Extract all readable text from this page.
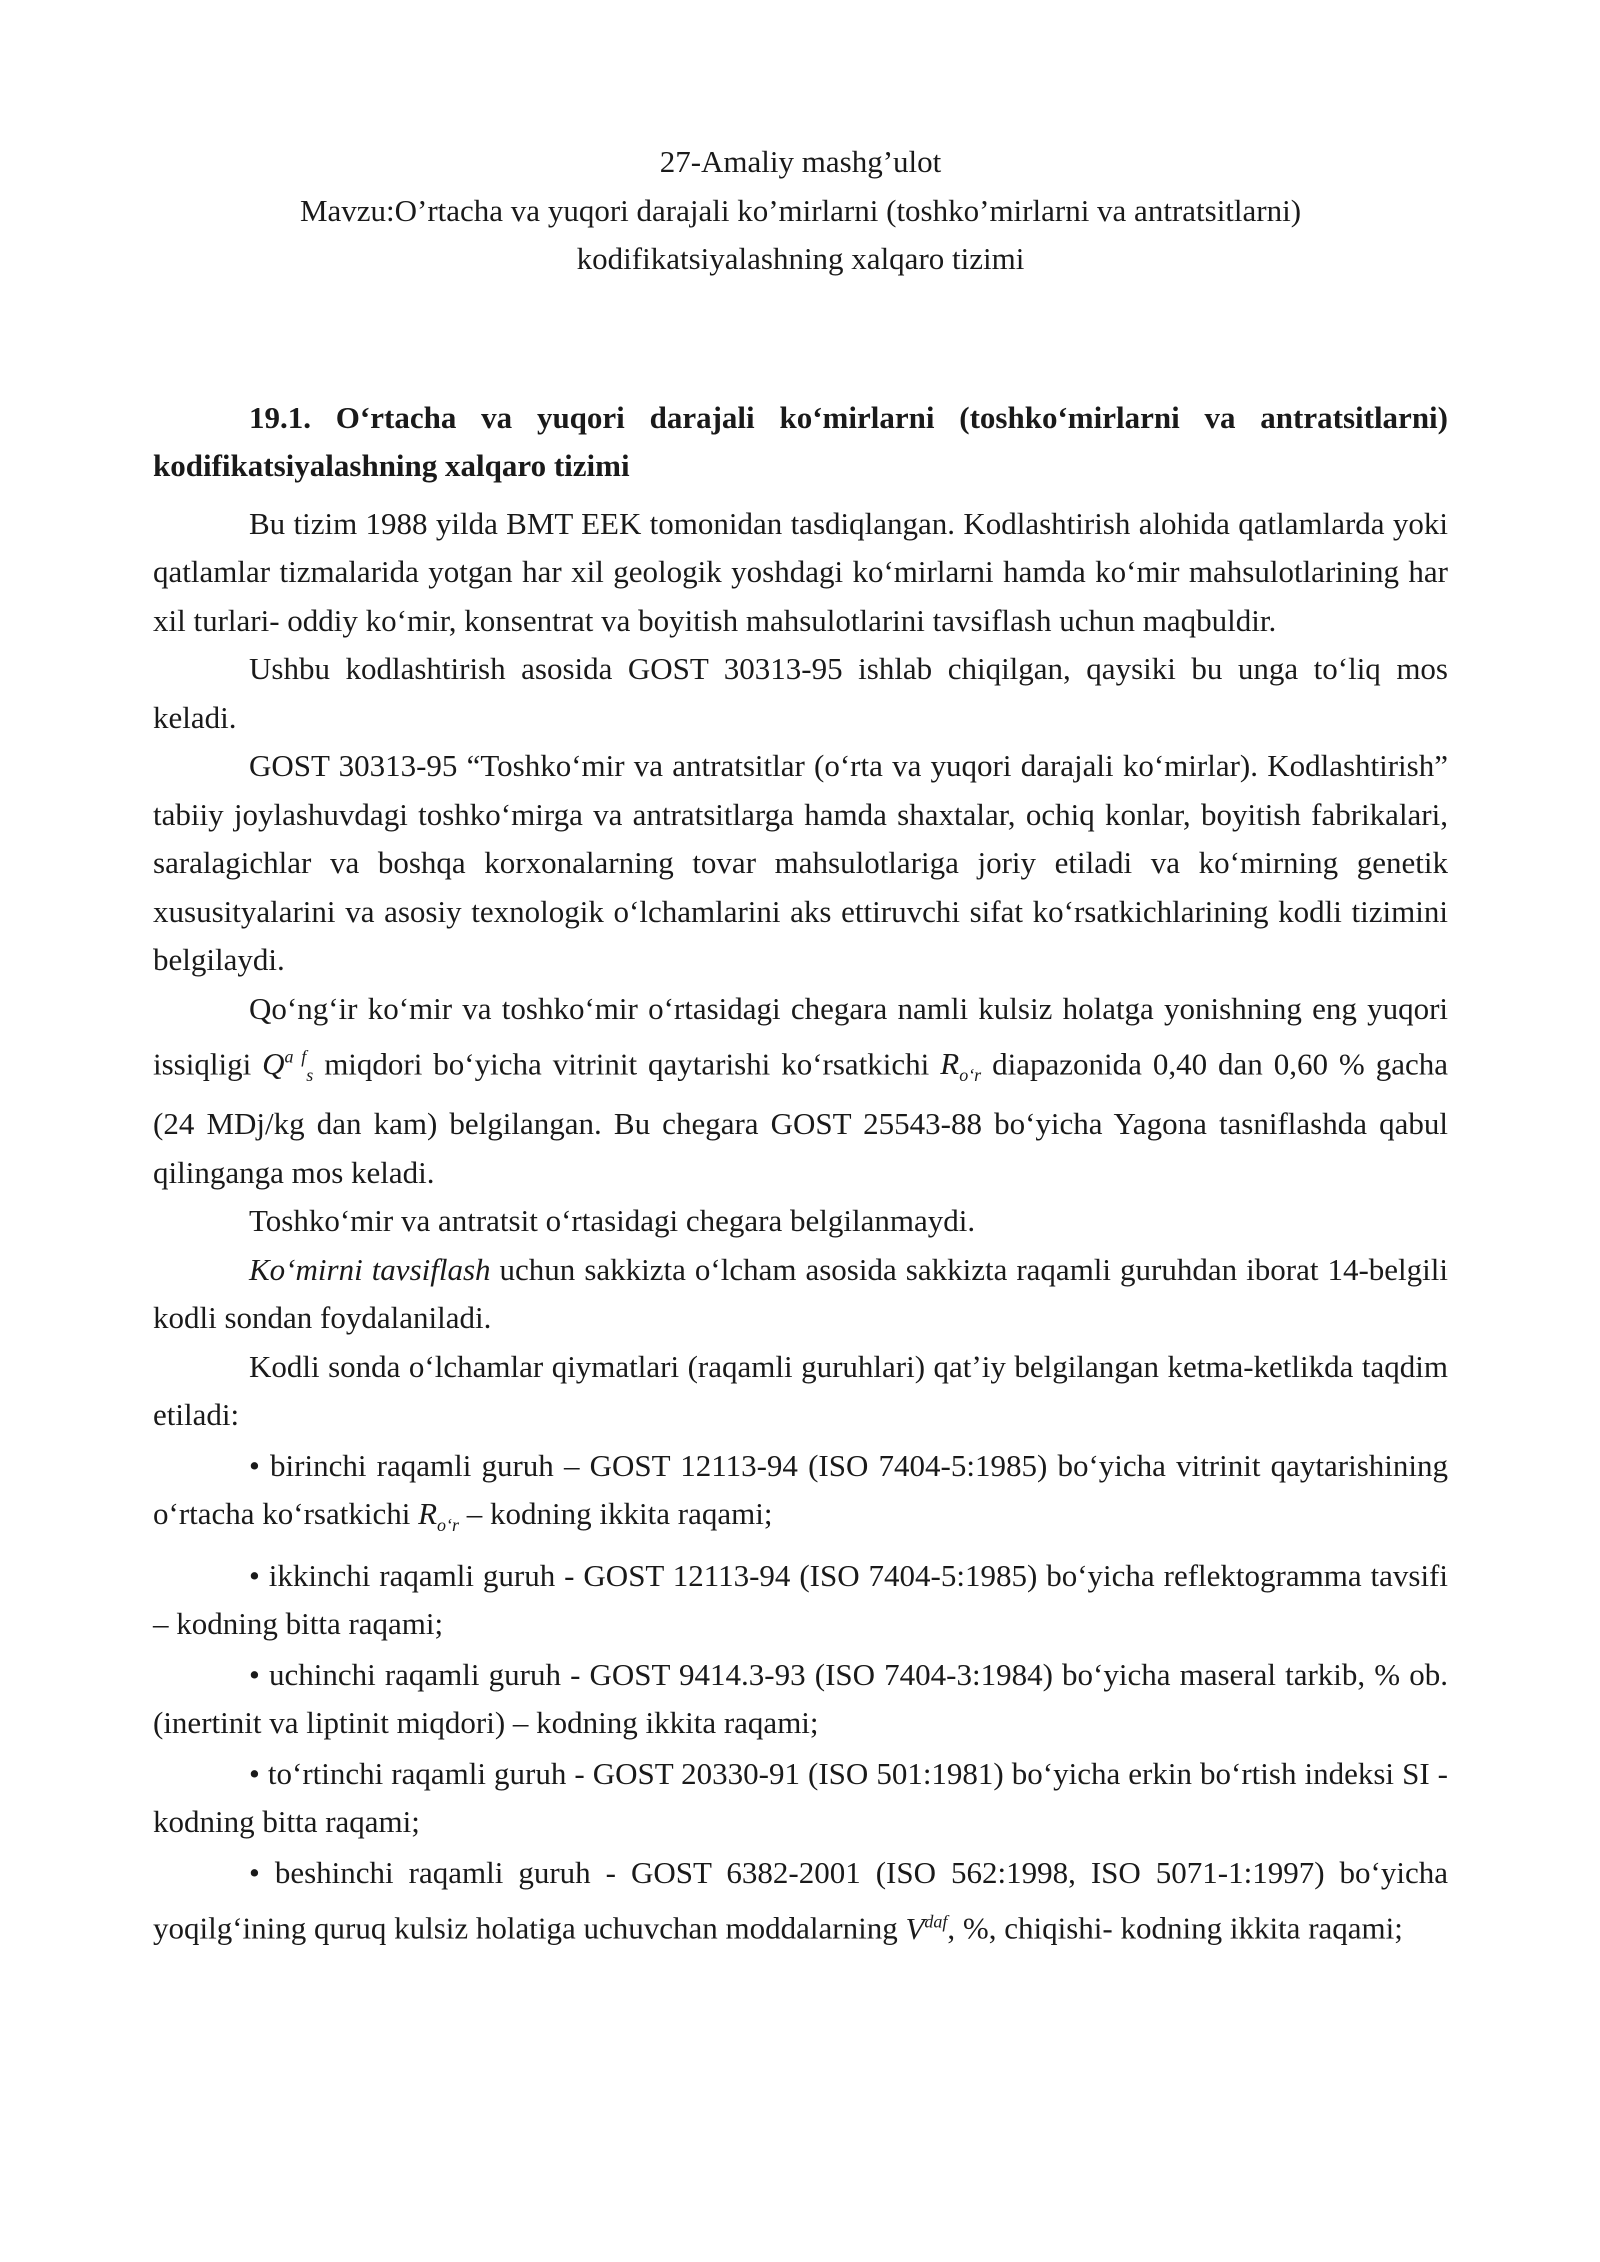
27-Amaliy mashg’ulot

Mavzu:O’rtacha va yuqori darajali ko’mirlarni (toshko’mirlarni va antratsitlarni)

kodifikatsiyalashning xalqaro tizimi

19.1. Oʻrtacha va yuqori darajali koʻmirlarni (toshkoʻmirlarni va antratsitlarni) kodifikatsiyalashning xalqaro tizimi

Bu tizim 1988 yilda BMT EEK tomonidan tasdiqlangan. Kodlashtirish alohida qatlamlarda yoki qatlamlar tizmalarida yotgan har xil geologik yoshdagi koʻmirlarni hamda koʻmir mahsulotlarining har xil turlari- oddiy koʻmir, konsentrat va boyitish mahsulotlarini tavsiflash uchun maqbuldir.

Ushbu kodlashtirish asosida GOST 30313-95 ishlab chiqilgan, qaysiki bu unga toʻliq mos keladi.

GOST 30313-95 “Toshkoʻmir va antratsitlar (oʻrta va yuqori darajali koʻmirlar). Kodlashtirish” tabiiy joylashuvdagi toshkoʻmirga va antratsitlarga hamda shaxtalar, ochiq konlar, boyitish fabrikalari, saralagichlar va boshqa korxonalarning tovar mahsulotlariga joriy etiladi va koʻmirning genetik xususityalarini va asosiy texnologik oʻlchamlarini aks ettiruvchi sifat koʻrsatkichlarining kodli tizimini belgilaydi.

Qoʻngʻir koʻmir va toshkoʻmir oʻrtasidagi chegara namli kulsiz holatga yonishning eng yuqori issiqligi $Q^{a f}_s$ miqdori boʻyicha vitrinit qaytarishi koʻrsatkichi $R_{oʻr}$ diapazonida 0,40 dan 0,60 % gacha (24 MDj/kg dan kam) belgilangan. Bu chegara GOST 25543-88 boʻyicha Yagona tasniflashda qabul qilinganga mos keladi.

Toshkoʻmir va antratsit oʻrtasidagi chegara belgilanmaydi.

Koʻmirni tavsiflash uchun sakkizta oʻlcham asosida sakkizta raqamli guruhdan iborat 14-belgili kodli sondan foydalaniladi.

Kodli sonda oʻlchamlar qiymatlari (raqamli guruhlari) qatʼiy belgilangan ketma-ketlikda taqdim etiladi:

• birinchi raqamli guruh – GOST 12113-94 (ISO 7404-5:1985) boʻyicha vitrinit qaytarishining oʻrtacha koʻrsatkichi $R_{oʻr}$ – kodning ikkita raqami;

• ikkinchi raqamli guruh - GOST 12113-94 (ISO 7404-5:1985) boʻyicha reflektogramma tavsifi – kodning bitta raqami;

• uchinchi raqamli guruh - GOST 9414.3-93 (ISO 7404-3:1984) boʻyicha maseral tarkib, % ob. (inertinit va liptinit miqdori) – kodning ikkita raqami;

• toʻrtinchi raqamli guruh - GOST 20330-91 (ISO 501:1981) boʻyicha erkin boʻrtish indeksi SI - kodning bitta raqami;

• beshinchi raqamli guruh - GOST 6382-2001 (ISO 562:1998, ISO 5071-1:1997) boʻyicha yoqilgʻining quruq kulsiz holatiga uchuvchan moddalarning $V^{daf}$, %, chiqishi- kodning ikkita raqami;
